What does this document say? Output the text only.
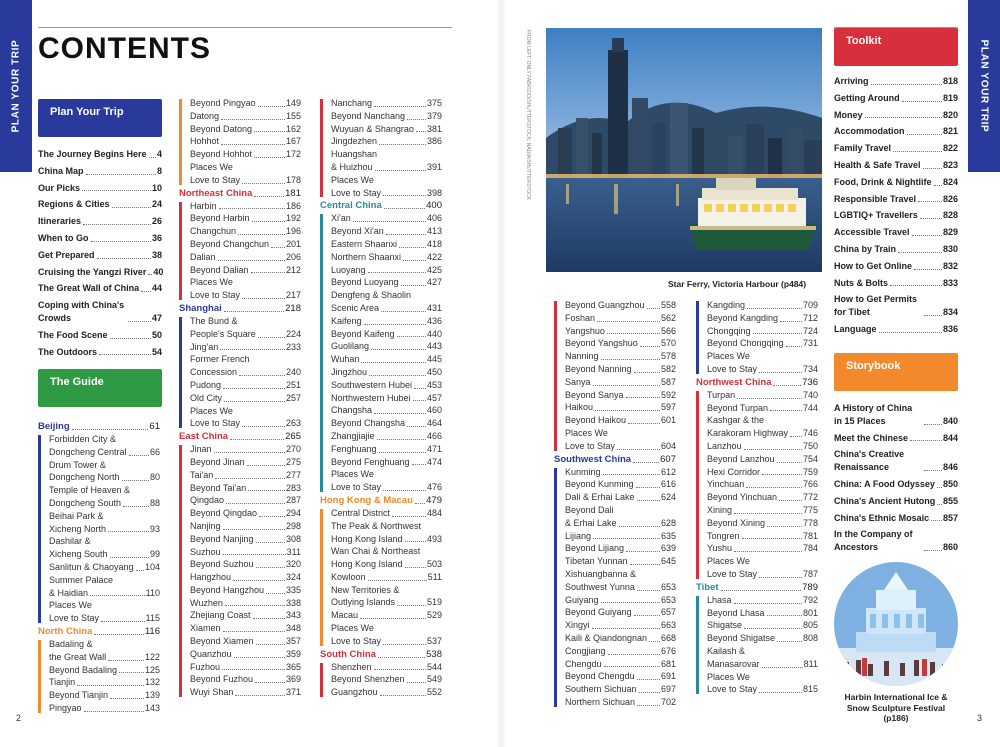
PLAN YOUR TRIP	PLAN YOUR TRIP
CONTENTS
Plan Your Trip
The Guide
Toolkit
Storybook
The Journey Begins Here 4
China Map	8
Our Picks	10
Regions & Cities	24
Itineraries	26
When to Go	36
Get Prepared	38
Cruising the Yangzi River 40
The Great Wall of China 44
Coping with China's Crowds	47
The Food Scene	50
The Outdoors	54
Beijing	61
Forbidden City &
Dongcheng Central	66
Drum Tower &
Dongcheng North	80
Temple of Heaven &
Dongcheng South	88
Beihai Park &
Xicheng North	93
Dashilar &
Xicheng South	99
Sanlitun & Chaoyang 104
Summer Palace
& Haidian	110
Places We
Love to Stay	115
North China	116
Badaling &
the Great Wall	122
Beyond Badaling	125
Tianjin	132
Beyond Tianjin	139
Pingyao	143
Beyond Pingyao	149
Datong	155
Beyond Datong	162
Hohhot	167
Beyond Hohhot	172
Places We
Love to Stay	178
Northeast China	181
Harbin	186
Beyond Harbin	192
Changchun	196
Beyond Changchun 201
Dalian	206
Beyond Dalian	212
Places We
Love to Stay	217
Shanghai	218
The Bund &
People's Square	224
Jing'an	233
Former French
Concession	240
Pudong	251
Old City	257
Places We
Love to Stay	263
East China	265
Jinan	270
Beyond Jinan	275
Tai'an	277
Beyond Tai'an	283
Qingdao	287
Beyond Qingdao	294
Nanjing	298
Beyond Nanjing	308
Suzhou	311
Beyond Suzhou	320
Hangzhou	324
Beyond Hangzhou 335
Wuzhen	338
Zhejiang Coast	343
Xiamen	348
Beyond Xiamen	357
Quanzhou	359
Fuzhou	365
Beyond Fuzhou	369
Wuyi Shan	371
Nanchang	375
Beyond Nanchang 379
Wuyuan & Shangrao 381
Jingdezhen	386
Huangshan
& Huizhou	391
Places We
Love to Stay	398
Central China	400
Xi'an	406
Beyond Xi'an	413
Eastern Shaanxi	418
Northern Shaanxi	422
Luoyang	425
Beyond Luoyang	427
Dengfeng & Shaolin
Scenic Area	431
Kaifeng	436
Beyond Kaifeng	440
Guolilang	443
Wuhan	445
Jingzhou	450
Southwestern Hubei 453
Northwestern Hubei 457
Changsha	460
Beyond Changsha 464
Zhangjiajie	466
Fenghuang	471
Beyond Fenghuang 474
Places We
Love to Stay	476
Hong Kong & Macau 479
Central District	484
The Peak & Northwest
Hong Kong Island	493
Wan Chai & Northeast
Hong Kong Island	503
Kowloon	511
New Territories &
Outlying Islands	519
Macau	529
Places We
Love to Stay	537
South China	538
Shenzhen	544
Beyond Shenzhen 549
Guangzhou	552
Beyond Guangzhou 558
Foshan	562
Yangshuo	566
Beyond Yangshuo	570
Nanning	578
Beyond Nanning	582
Sanya	587
Beyond Sanya	592
Haikou	597
Beyond Haikou	601
Places We
Love to Stay	604
Southwest China	607
Kunming	612
Beyond Kunming	616
Dali & Erhai Lake	624
Beyond Dali
& Erhai Lake	628
Lijiang	635
Beyond Lijiang	639
Tibetan Yunnan	645
Xishuangbanna &
Southwest Yunna	653
Guiyang	653
Beyond Guiyang	657
Xingyi	663
Kaili & Qiandongnan 668
Congjiang	676
Chengdu	681
Beyond Chengdu	691
Southern Sichuan	697
Northern Sichuan	702
Kangding	709
Beyond Kangding	712
Chongqing	724
Beyond Chongqing 731
Places We
Love to Stay	734
Northwest China	736
Turpan	740
Beyond Turpan	744
Kashgar & the
Karakoram Highway 746
Lanzhou	750
Beyond Lanzhou	754
Hexi Corridor	759
Yinchuan	766
Beyond Yinchuan	772
Xining	775
Beyond Xining	778
Tongren	781
Yushu	784
Places We
Love to Stay	787
Tibet	789
Lhasa	792
Beyond Lhasa	801
Shigatse	805
Beyond Shigatse	808
Kailash &
Manasarovar	811
Places We
Love to Stay	815
Arriving	818
Getting Around	819
Money	820
Accommodation	821
Family Travel	822
Health & Safe Travel 823
Food, Drink & Nightlife 824
Responsible Travel	826
LGBTIQ+ Travellers	828
Accessible Travel	829
China by Train	830
How to Get Online	832
Nuts & Bolts	833
How to Get Permits for Tibet	834
Language	836
A History of China in 15 Places	840
Meet the Chinese	844
China's Creative Renaissance	846
China: A Food Odyssey 850
China's Ancient Hutong 855
China's Ethnic Mosaic 857
In the Company of Ancestors	860
FROM LEFT: ONLY FABRIZIO/SHUTTERSTOCK; NADIA/SHUTTERSTOCK
Star Ferry, Victoria Harbour (p484)
Harbin International Ice & Snow Sculpture Festival (p186)
2	3
